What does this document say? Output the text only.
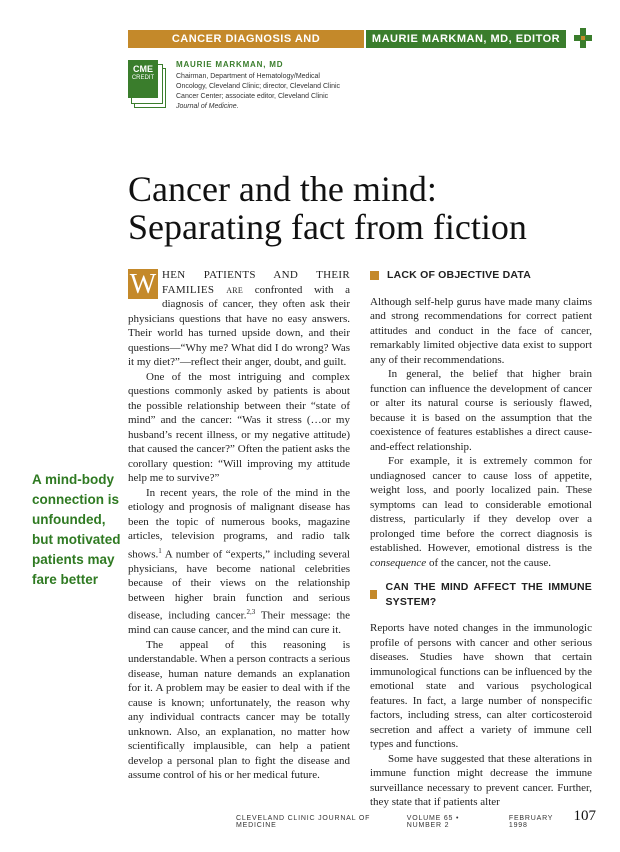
CANCER DIAGNOSIS AND MANAGEMENT
MAURIE MARKMAN, MD, EDITOR
CME
CREDIT
MAURIE MARKMAN, MD
Chairman, Department of Hematology/Medical
Oncology, Cleveland Clinic; director, Cleveland Clinic
Cancer Center; associate editor, Cleveland Clinic
Journal of Medicine.
Cancer and the mind:
Separating fact from fiction
A mind-body
connection is
unfounded,
but motivated
patients may
fare better

W HEN PATIENTS AND THEIR FAMILIES are confronted with a diagnosis of cancer, they often ask their physicians questions that have no easy answers. Their world has turned upside down, and their questions—“Why me? What did I do wrong? Was it my diet?”—reflect their anger, doubt, and guilt.

One of the most intriguing and complex questions commonly asked by patients is about the possible relationship between their “state of mind” and the cancer: “Was it stress (…or my husband’s recent illness, or my negative attitude) that caused the cancer?” Often the patient asks the corollary question: “Will improving my attitude help me to survive?”

In recent years, the role of the mind in the etiology and prognosis of malignant disease has been the topic of numerous books, magazine articles, television programs, and radio talk shows.$^1$ A number of “experts,” including several physicians, have become national celebrities because of their views on the relationship between higher brain function and serious disease, including cancer.$^{2,3}$ Their message: the mind can cause cancer, and the mind can cure it.

The appeal of this reasoning is understandable. When a person contracts a serious disease, human nature demands an explanation for it. A problem may be easier to deal with if the cause is known; unfortunately, the reason why any individual contracts cancer may be totally unknown. Also, an explanation, no matter how scientifically implausible, can help a patient develop a personal plan to fight the disease and assume control of his or her medical future.

LACK OF OBJECTIVE DATA

Although self-help gurus have made many claims and strong recommendations for correct patient attitudes and conduct in the face of cancer, remarkably limited objective data exist to support any of their recommendations.

In general, the belief that higher brain function can influence the development of cancer or alter its natural course is seriously flawed, because it is based on the assumption that the coexistence of features establishes a direct cause-and-effect relationship.

For example, it is extremely common for undiagnosed cancer to cause loss of appetite, weight loss, and poorly localized pain. These symptoms can lead to considerable emotional distress, particularly if they develop over a prolonged time before the correct diagnosis is established. However, emotional distress is the consequence of the cancer, not the cause.

CAN THE MIND AFFECT THE IMMUNE SYSTEM?

Reports have noted changes in the immunologic profile of persons with cancer and other serious diseases. Studies have shown that certain immunological functions can be influenced by the emotional state and various psychological features. In fact, a large number of nonspecific factors, including stress, can alter corticosteroid secretion and affect a variety of immune cell types and functions.

Some have suggested that these alterations in immune function might decrease the immune surveillance necessary to prevent cancer. Further, they state that if patients alter

CLEVELAND CLINIC JOURNAL OF MEDICINE
VOLUME 65 • NUMBER 2
FEBRUARY 1998
107
